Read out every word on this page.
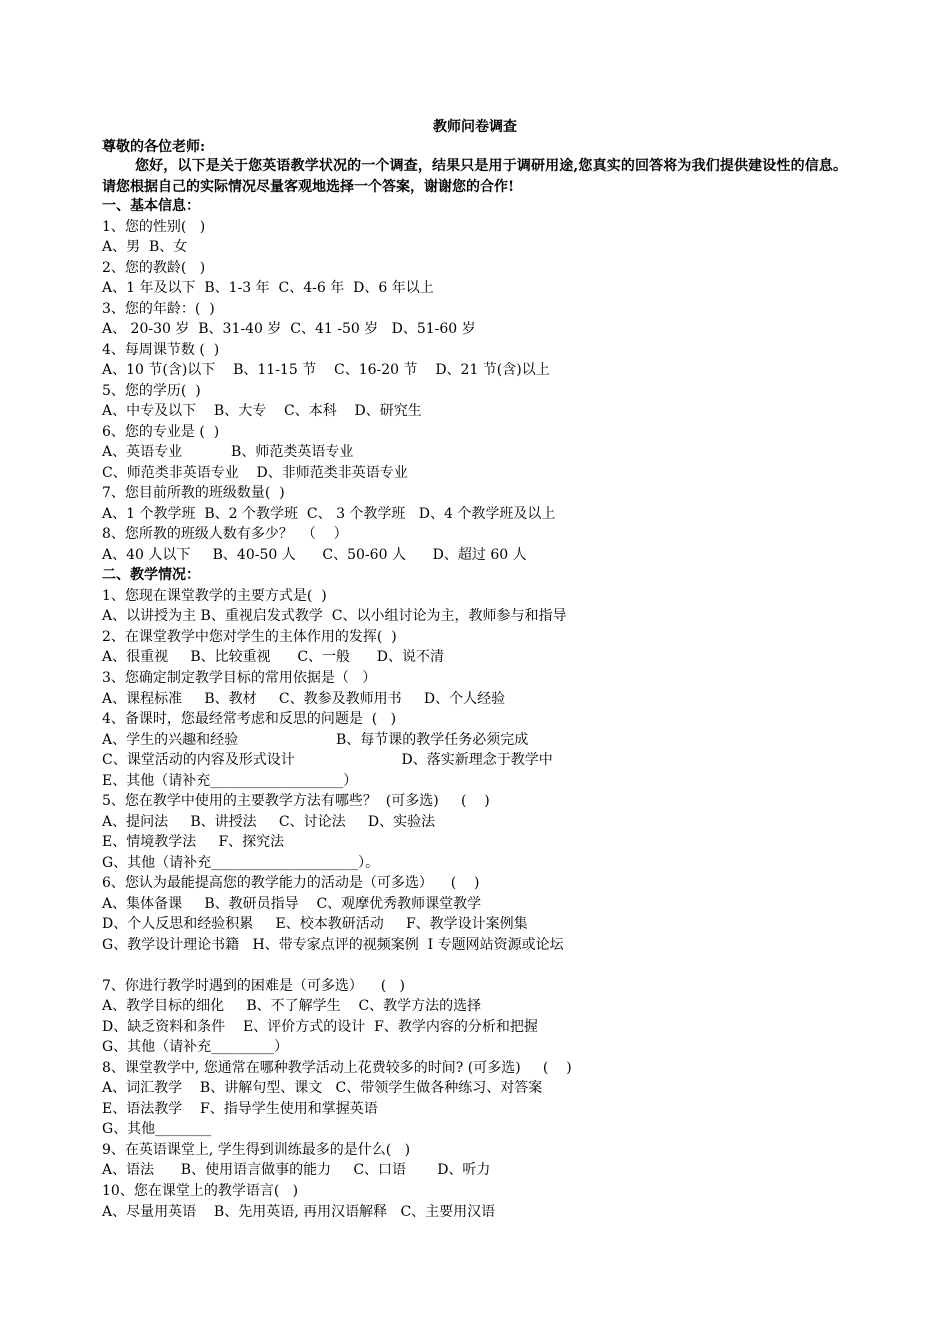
教师问卷调查
尊敬的各位老师:
您好，以下是关于您英语教学状况的一个调查，结果只是用于调研用途,您真实的回答将为我们提供建设性的信息。请您根据自己的实际情况尽量客观地选择一个答案，谢谢您的合作!
一、基本信息：
1、您的性别(   )
A、男  B、女
2、您的教龄(   )
A、1 年及以下  B、1-3 年  C、4-6 年  D、6 年以上
3、您的年龄：(  )
A、 20-30 岁  B、31-40 岁  C、41 -50 岁   D、51-60 岁
4、每周课节数 (  )
A、10 节(含)以下    B、11-15 节    C、16-20 节    D、21 节(含)以上
5、您的学历(  )
A、中专及以下    B、大专    C、本科    D、研究生
6、您的专业是 (  )
A、英语专业           B、师范类英语专业
C、师范类非英语专业    D、非师范类非英语专业
7、您目前所教的班级数量(  )
A、1 个教学班  B、2 个教学班  C、 3 个教学班   D、4 个教学班及以上
8、您所教的班级人数有多少？  （    ）
A、40 人以下     B、40-50 人      C、50-60 人      D、超过 60 人
二、教学情况：
1、您现在课堂教学的主要方式是(  )
A、以讲授为主 B、重视启发式教学  C、以小组讨论为主，教师参与和指导
2、在课堂教学中您对学生的主体作用的发挥(  )
A、很重视     B、比较重视      C、一般      D、说不清
3、您确定制定教学目标的常用依据是（   ）
A、课程标准     B、教材     C、教参及教师用书     D、个人经验
4、备课时，您最经常考虑和反思的问题是  (   )
A、学生的兴趣和经验                      B、每节课的教学任务必须完成
C、课堂活动的内容及形式设计                        D、落实新理念于教学中
E、其他（请补充___________________）
5、您在教学中使用的主要教学方法有哪些？  (可多选)     (    )
A、提问法     B、讲授法     C、讨论法     D、实验法
E、情境教学法     F、探究法
G、其他（请补充_____________________）。
6、您认为最能提高您的教学能力的活动是（可多选）    (    )
A、集体备课     B、教研员指导    C、观摩优秀教师课堂教学
D、个人反思和经验积累     E、校本教研活动     F、教学设计案例集
G、教学设计理论书籍   H、带专家点评的视频案例  I 专题网站资源或论坛
7、你进行教学时遇到的困难是（可多选）    (   )
A、教学目标的细化     B、不了解学生    C、教学方法的选择
D、缺乏资料和条件    E、评价方式的设计  F、教学内容的分析和把握
G、其他（请补充_________）
8、课堂教学中, 您通常在哪种教学活动上花费较多的时间? (可多选)     (    )
A、词汇教学    B、讲解句型、课文   C、带领学生做各种练习、对答案
E、语法教学    F、指导学生使用和掌握英语
G、其他________
9、在英语课堂上, 学生得到训练最多的是什么(   )
A、语法      B、使用语言做事的能力     C、口语       D、听力
10、您在课堂上的教学语言(   )
A、尽量用英语    B、先用英语, 再用汉语解释   C、主要用汉语
